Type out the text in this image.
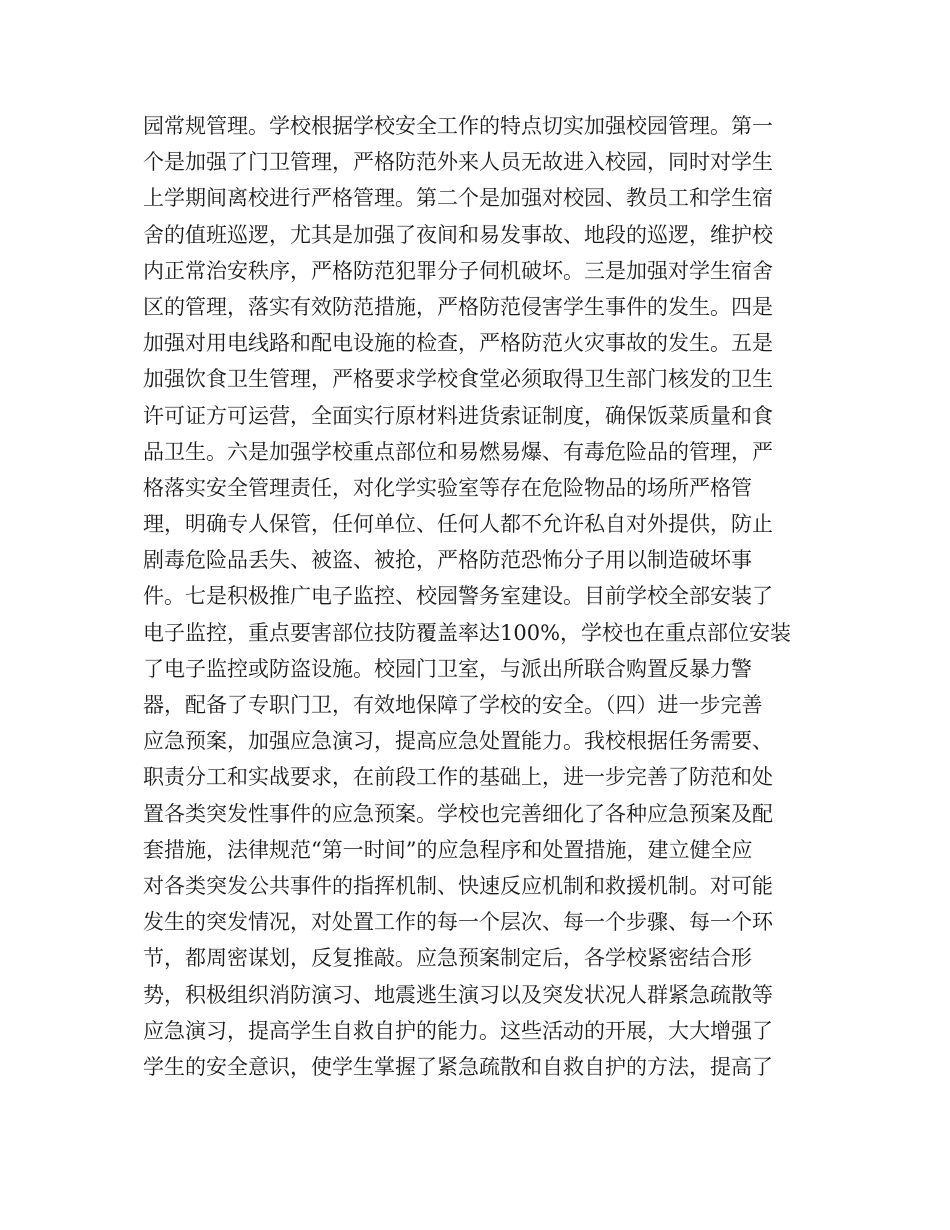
园常规管理。学校根据学校安全工作的特点切实加强校园管理。第一
个是加强了门卫管理，严格防范外来人员无故进入校园，同时对学生
上学期间离校进行严格管理。第二个是加强对校园、教员工和学生宿
舍的值班巡逻，尤其是加强了夜间和易发事故、地段的巡逻，维护校
内正常治安秩序，严格防范犯罪分子伺机破坏。三是加强对学生宿舍
区的管理，落实有效防范措施，严格防范侵害学生事件的发生。四是
加强对用电线路和配电设施的检查，严格防范火灾事故的发生。五是
加强饮食卫生管理，严格要求学校食堂必须取得卫生部门核发的卫生
许可证方可运营，全面实行原材料进货索证制度，确保饭菜质量和食
品卫生。六是加强学校重点部位和易燃易爆、有毒危险品的管理，严
格落实安全管理责任，对化学实验室等存在危险物品的场所严格管
理，明确专人保管，任何单位、任何人都不允许私自对外提供，防止
剧毒危险品丢失、被盗、被抢，严格防范恐怖分子用以制造破坏事
件。七是积极推广电子监控、校园警务室建设。目前学校全部安装了
电子监控，重点要害部位技防覆盖率达100%，学校也在重点部位安装
了电子监控或防盗设施。校园门卫室，与派出所联合购置反暴力警
器，配备了专职门卫，有效地保障了学校的安全。（四）进一步完善
应急预案，加强应急演习，提高应急处置能力。我校根据任务需要、
职责分工和实战要求，在前段工作的基础上，进一步完善了防范和处
置各类突发性事件的应急预案。学校也完善细化了各种应急预案及配
套措施，法律规范“第一时间”的应急程序和处置措施，建立健全应
对各类突发公共事件的指挥机制、快速反应机制和救援机制。对可能
发生的突发情况，对处置工作的每一个层次、每一个步骤、每一个环
节，都周密谋划，反复推敲。应急预案制定后，各学校紧密结合形
势，积极组织消防演习、地震逃生演习以及突发状况人群紧急疏散等
应急演习，提高学生自救自护的能力。这些活动的开展，大大增强了
学生的安全意识，使学生掌握了紧急疏散和自救自护的方法，提高了
